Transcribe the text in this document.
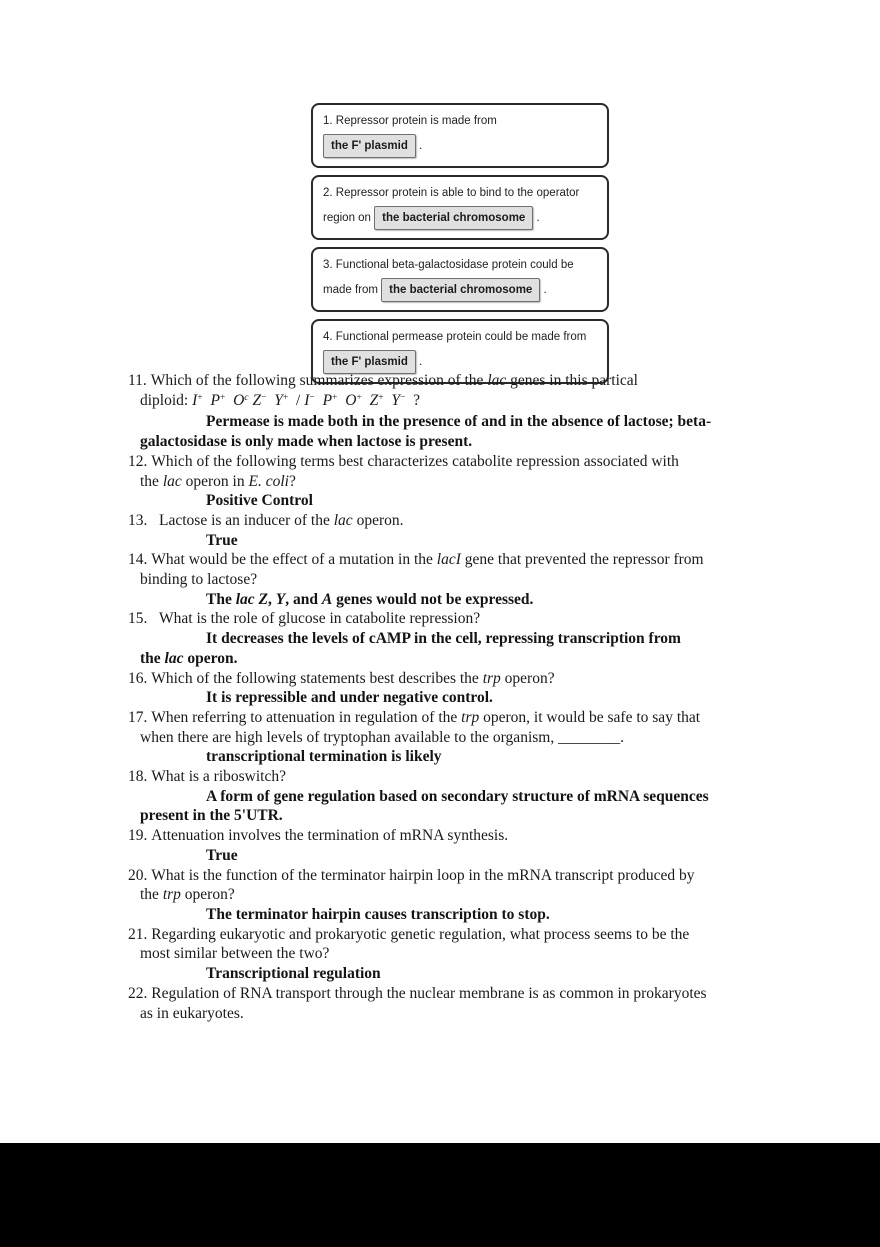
1. Repressor protein is made from
the F' plasmid .
2. Repressor protein is able to bind to the operator
region on the bacterial chromosome .
3. Functional beta-galactosidase protein could be
made from the bacterial chromosome .
4. Functional permease protein could be made from
the F' plasmid .

11. Which of the following summarizes expression of the lac genes in this partical
diploid: I+ P+ $O^c$ Z− Y+  / I− P+ O+ Z+ Y−  ?

Permease is made both in the presence of and in the absence of lactose; beta-
galactosidase is only made when lactose is present.

12. Which of the following terms best characterizes catabolite repression associated with
the lac operon in E. coli?

Positive Control

13.   Lactose is an inducer of the lac operon.

True

14. What would be the effect of a mutation in the lacI gene that prevented the repressor from
binding to lactose?

The lac Z, Y, and A genes would not be expressed.

15.   What is the role of glucose in catabolite repression?

It decreases the levels of cAMP in the cell, repressing transcription from
the lac operon.

16. Which of the following statements best describes the trp operon?

It is repressible and under negative control.

17. When referring to attenuation in regulation of the trp operon, it would be safe to say that
when there are high levels of tryptophan available to the organism, ________.

transcriptional termination is likely

18. What is a riboswitch?

A form of gene regulation based on secondary structure of mRNA sequences
present in the 5'UTR.

19. Attenuation involves the termination of mRNA synthesis.

True

20. What is the function of the terminator hairpin loop in the mRNA transcript produced by
the trp operon?

The terminator hairpin causes transcription to stop.

21. Regarding eukaryotic and prokaryotic genetic regulation, what process seems to be the
most similar between the two?

Transcriptional regulation

22. Regulation of RNA transport through the nuclear membrane is as common in prokaryotes
as in eukaryotes.
